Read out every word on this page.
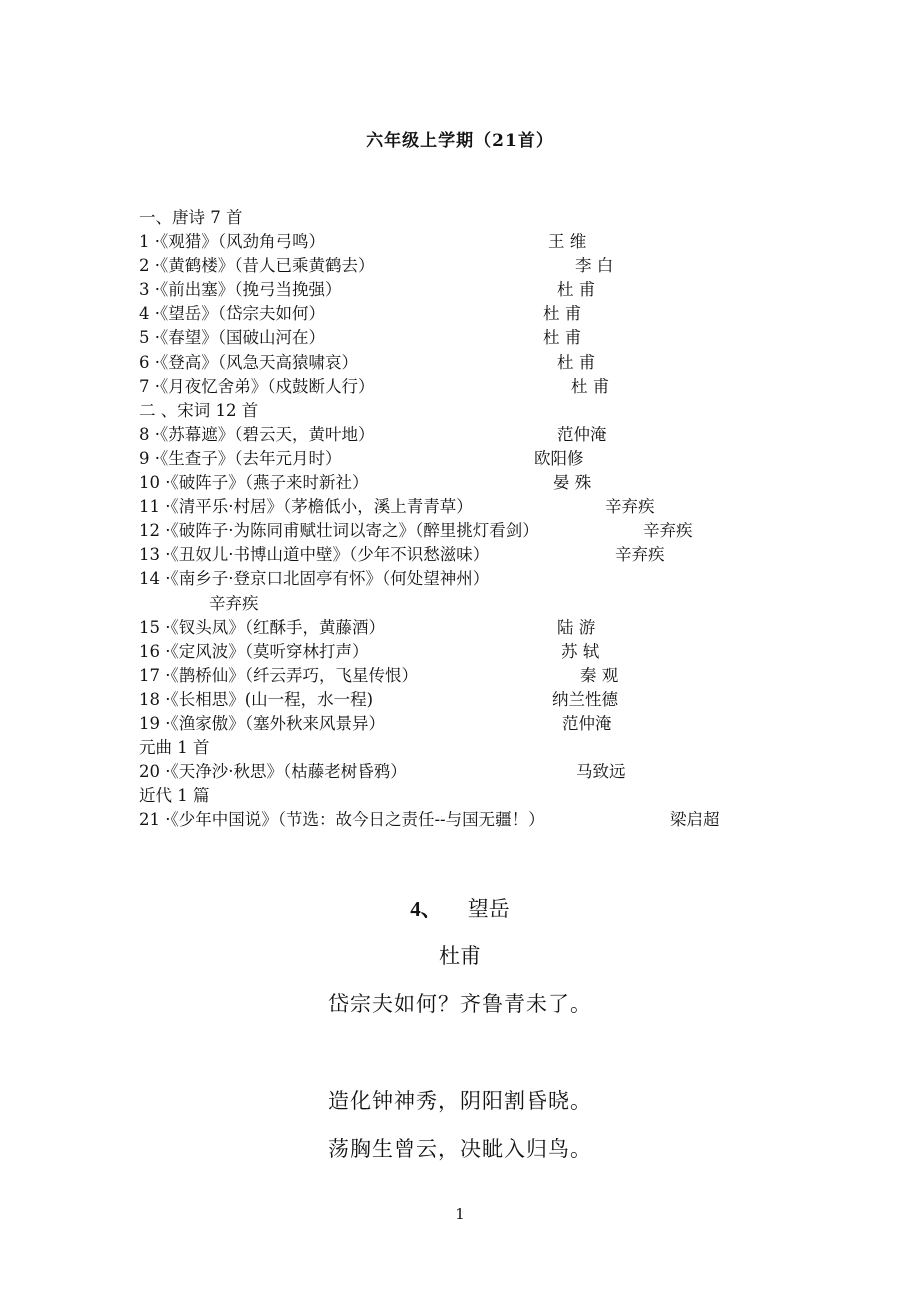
六年级上学期（21首）
一、唐诗 7 首
1 ·《观猎》（风劲角弓鸣）	王 维
2 ·《黄鹤楼》（昔人已乘黄鹤去）	李 白
3 ·《前出塞》（挽弓当挽强）	杜 甫
4 ·《望岳》（岱宗夫如何）	杜 甫
5 ·《春望》（国破山河在）	杜 甫
6 ·《登高》（风急天高猿啸哀）	杜 甫
7 ·《月夜忆舍弟》（戍鼓断人行）	杜 甫
二 、宋词 12 首
8 ·《苏幕遮》（碧云天，黄叶地）	范仲淹
9 ·《生查子》（去年元月时）	欧阳修
10 ·《破阵子》（燕子来时新社）	晏 殊
11 ·《清平乐·村居》（茅檐低小，溪上青青草）	辛弃疾
12 ·《破阵子·为陈同甫赋壮词以寄之》（醉里挑灯看剑）	辛弃疾
13 ·《丑奴儿·书博山道中壁》（少年不识愁滋味）	辛弃疾
14 ·《南乡子·登京口北固亭有怀》（何处望神州）
辛弃疾
15 ·《钗头凤》（红酥手，黄藤酒）	陆 游
16 ·《定风波》（莫听穿林打声）	苏 轼
17 ·《鹊桥仙》（纤云弄巧，飞星传恨）	秦 观
18 ·《长相思》(山一程，水一程)	纳兰性德
19 ·《渔家傲》（塞外秋来风景异）	范仲淹
元曲 1 首
20 ·《天净沙·秋思》（枯藤老树昏鸦）	马致远
近代 1 篇
21 ·《少年中国说》（节选：故今日之责任--与国无疆！）	梁启超
4、 望岳
杜甫
岱宗夫如何？齐鲁青未了。
造化钟神秀，阴阳割昏晓。
荡胸生曾云，决眦入归鸟。
1
